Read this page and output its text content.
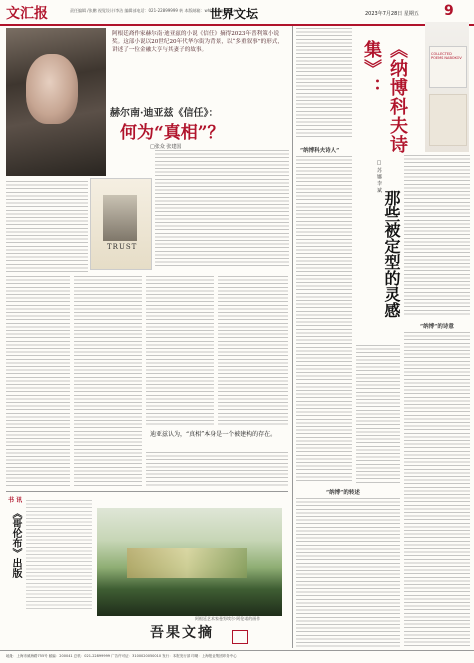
文汇报	责任编辑 /张鹏 视觉设计/李洁 编辑部电话：021-22899999 转 本版邮箱：whbstcl@whb.cn
世界文坛	2023年7月28日 星期五 9
阿根廷裔作家赫尔南·迪亚兹的小说《信任》摘得2023年普利策小说奖。这部小说以20世纪20年代华尔街为背景，以“多重叙事”的形式，讲述了一位金融大亨与其妻子的故事。
赫尔南·迪亚兹《信任》：
何为“真相”？
□张众 张建国
TRUST
迪亚兹认为，“真相”本身是一个被建构的存在。
书 讯
《哥伦布》出版
阿根廷艺术家曼努埃尔·阿伦诺的画作
吾果文摘
《纳博科夫诗集》：
那些被定型的灵感
□ 苏 娜 李 斌
COLLECTED POEMS NABOKOV
“纳博科夫诗人”
“纳博”的诗意
“纳博”的转述
地址：上海市威海路755号 邮编：200041 总机：021-22899999 广告许可证：3100020050010 发行：本报发行部 印刷：上海报业集团印务中心
